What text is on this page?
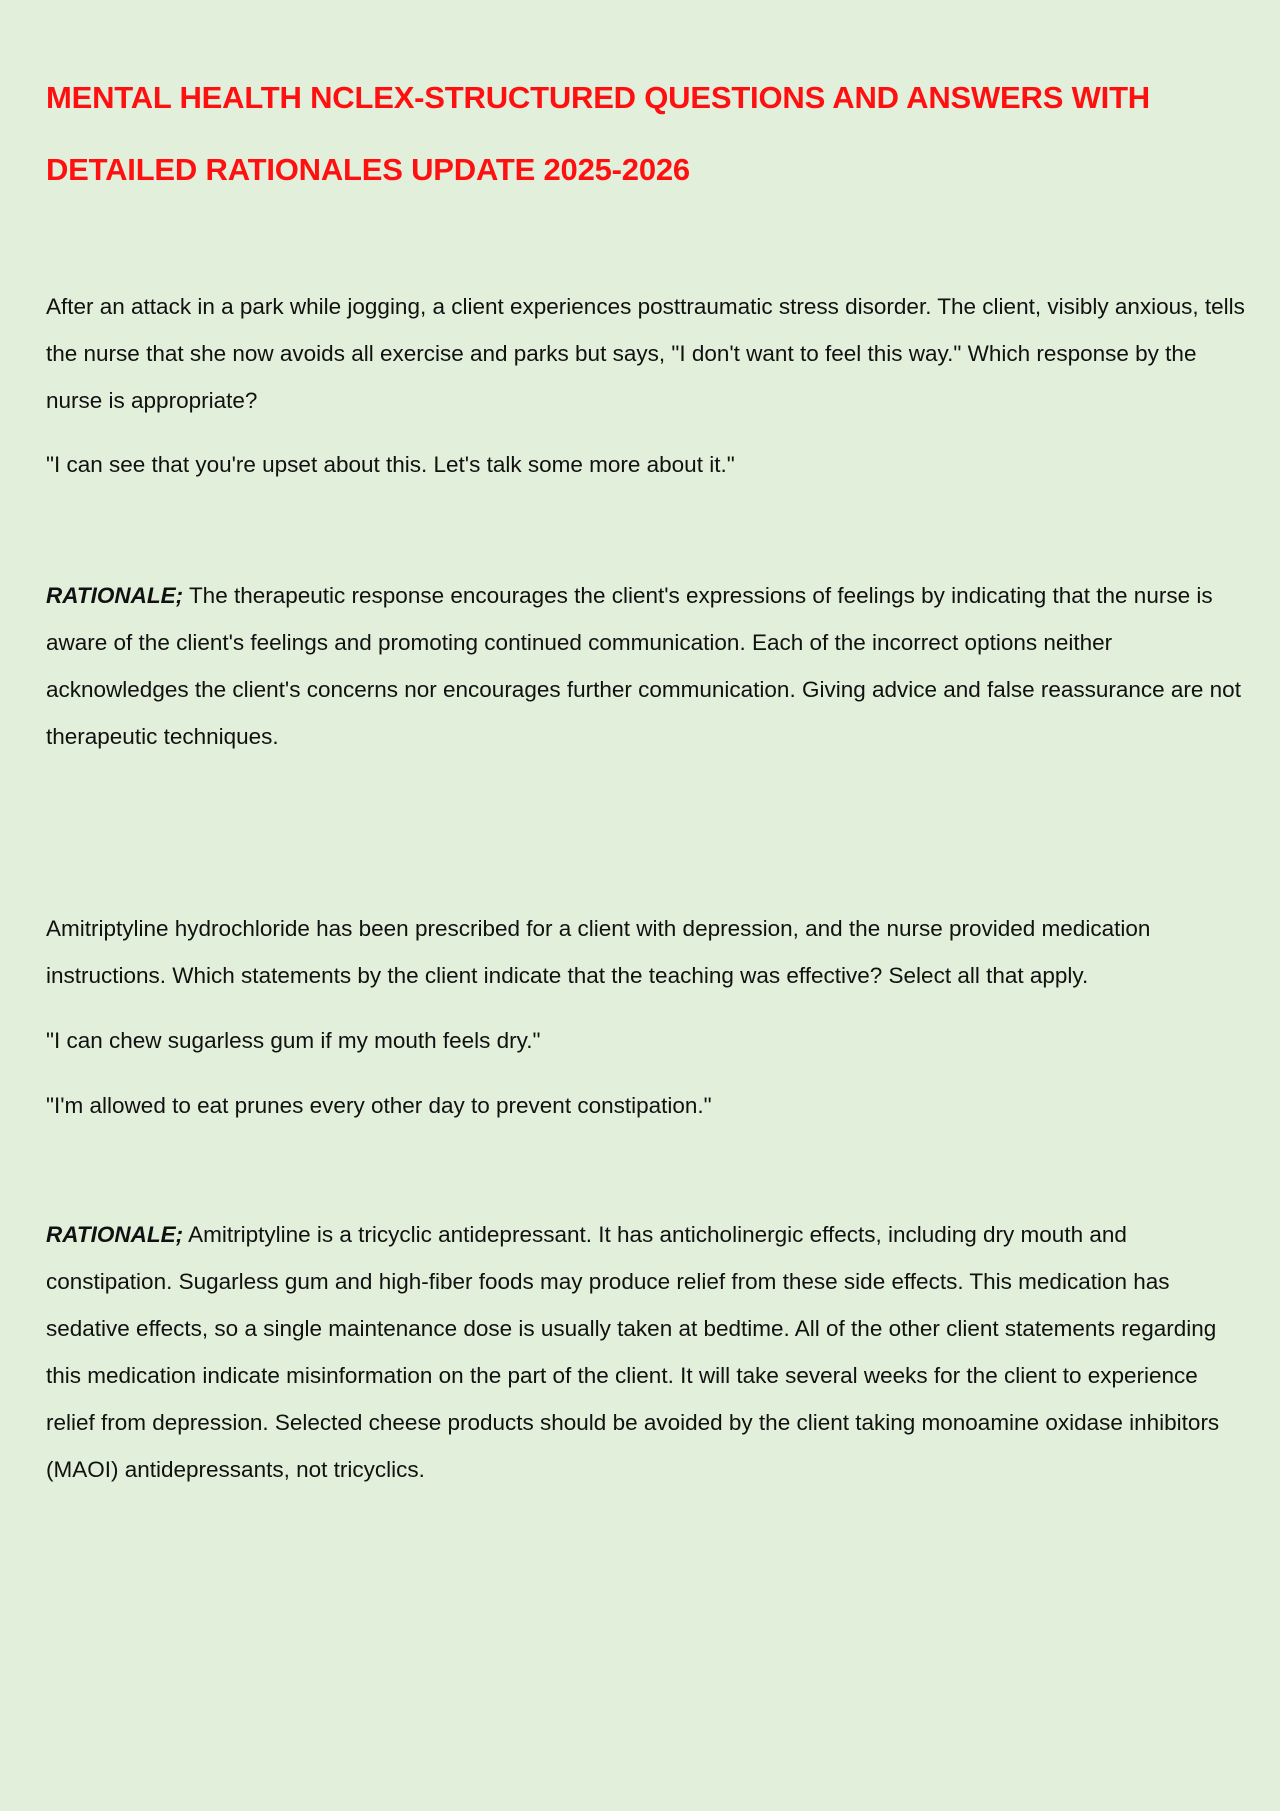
MENTAL HEALTH NCLEX-STRUCTURED QUESTIONS AND ANSWERS WITH DETAILED RATIONALES UPDATE 2025-2026

After an attack in a park while jogging, a client experiences posttraumatic stress disorder. The client, visibly anxious, tells the nurse that she now avoids all exercise and parks but says, "I don't want to feel this way." Which response by the nurse is appropriate?

"I can see that you're upset about this. Let's talk some more about it."

RATIONALE; The therapeutic response encourages the client's expressions of feelings by indicating that the nurse is aware of the client's feelings and promoting continued communication. Each of the incorrect options neither acknowledges the client's concerns nor encourages further communication. Giving advice and false reassurance are not therapeutic techniques.

Amitriptyline hydrochloride has been prescribed for a client with depression, and the nurse provided medication instructions. Which statements by the client indicate that the teaching was effective? Select all that apply.

"I can chew sugarless gum if my mouth feels dry."

"I'm allowed to eat prunes every other day to prevent constipation."

RATIONALE; Amitriptyline is a tricyclic antidepressant. It has anticholinergic effects, including dry mouth and constipation. Sugarless gum and high-fiber foods may produce relief from these side effects. This medication has sedative effects, so a single maintenance dose is usually taken at bedtime. All of the other client statements regarding this medication indicate misinformation on the part of the client. It will take several weeks for the client to experience relief from depression. Selected cheese products should be avoided by the client taking monoamine oxidase inhibitors (MAOI) antidepressants, not tricyclics.
